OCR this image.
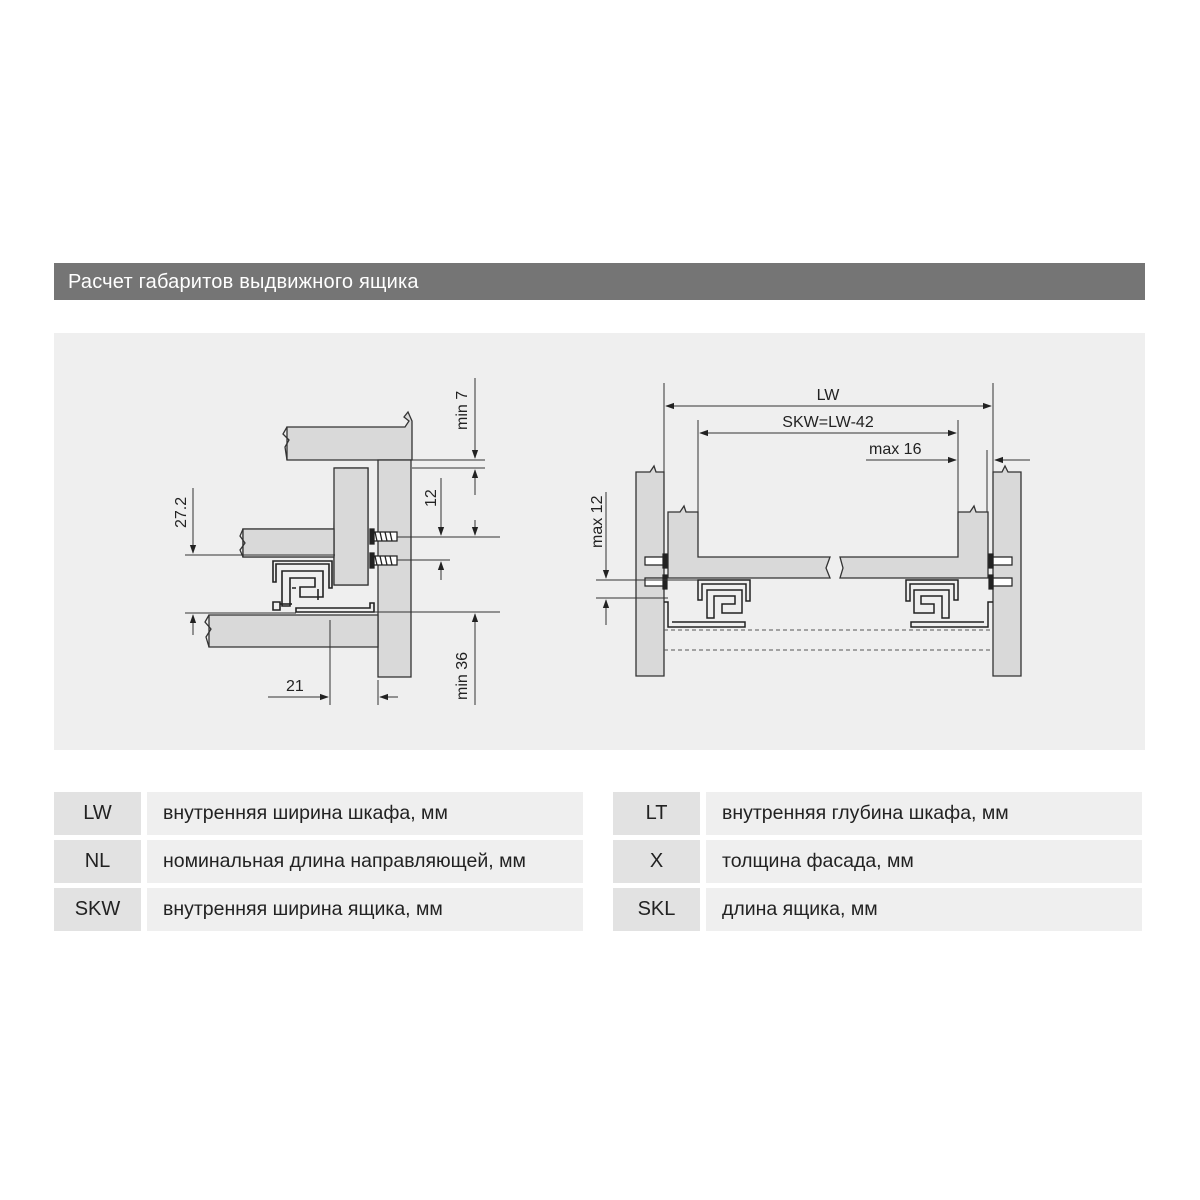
Расчет габаритов выдвижного ящика
min 7
12
27.2
min 36
21
LW
SKW=LW-42
max 16
max 12
LW	внутренняя ширина шкафа, мм
NL	номинальная длина направляющей, мм
SKW	внутренняя ширина ящика, мм
LT	внутренняя глубина шкафа, мм
X	толщина фасада, мм
SKL	длина ящика, мм
